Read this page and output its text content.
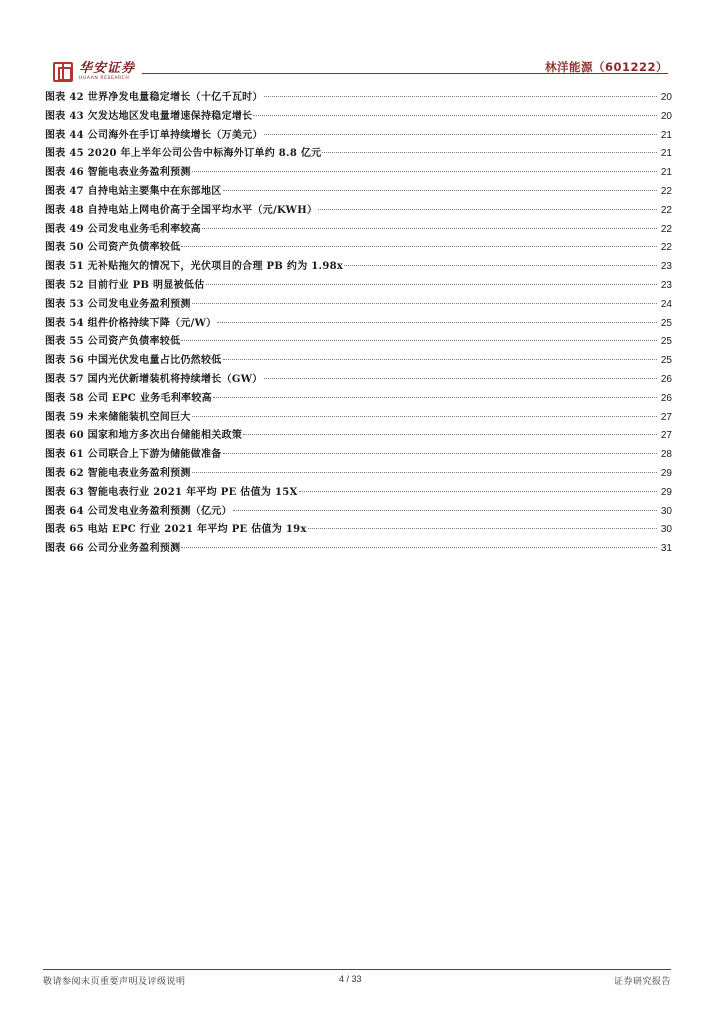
华安证券
HUAAN RESEARCH
林洋能源（601222）
图表 42 世界净发电量稳定增长（十亿千瓦时）	20
图表 43 欠发达地区发电量增速保持稳定增长	20
图表 44 公司海外在手订单持续增长（万美元）	21
图表 45 2020 年上半年公司公告中标海外订单约 8.8 亿元	21
图表 46 智能电表业务盈利预测	21
图表 47 自持电站主要集中在东部地区	22
图表 48 自持电站上网电价高于全国平均水平（元/KWH）	22
图表 49 公司发电业务毛利率较高	22
图表 50 公司资产负债率较低	22
图表 51 无补贴拖欠的情况下，光伏项目的合理 PB 约为 1.98x	23
图表 52 目前行业 PB 明显被低估	23
图表 53 公司发电业务盈利预测	24
图表 54 组件价格持续下降（元/W）	25
图表 55 公司资产负债率较低	25
图表 56 中国光伏发电量占比仍然较低	25
图表 57 国内光伏新增装机将持续增长（GW）	26
图表 58 公司 EPC 业务毛利率较高	26
图表 59 未来储能装机空间巨大	27
图表 60 国家和地方多次出台储能相关政策	27
图表 61 公司联合上下游为储能做准备	28
图表 62 智能电表业务盈利预测	29
图表 63 智能电表行业 2021 年平均 PE 估值为 15X	29
图表 64 公司发电业务盈利预测（亿元）	30
图表 65 电站 EPC 行业 2021 年平均 PE 估值为 19x	30
图表 66 公司分业务盈利预测	31
敬请参阅末页重要声明及评级说明	4 / 33	证券研究报告
